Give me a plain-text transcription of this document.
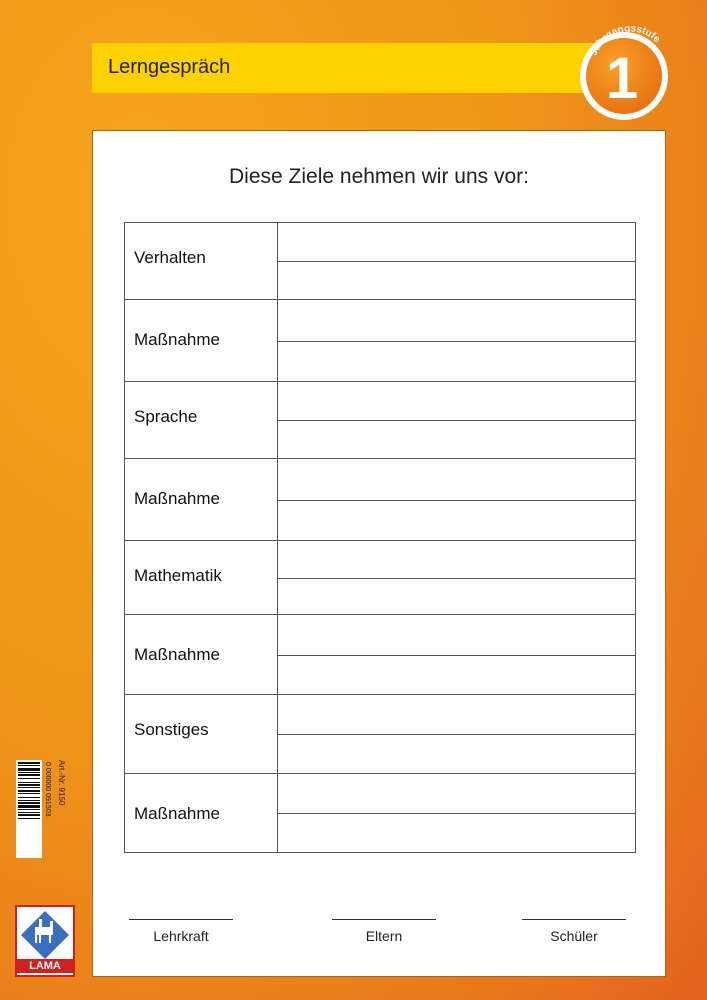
Lerngespräch	1
Jahrgangsstufe
Diese Ziele nehmen wir uns vor:
Verhalten	

Maßnahme	

Sprache	

Maßnahme	

Mathematik	

Maßnahme	

Sonstiges	

Maßnahme	

Lehrkraft	Eltern	Schüler
0 000000 091503 Art.-Nr. 9150
LAMA
